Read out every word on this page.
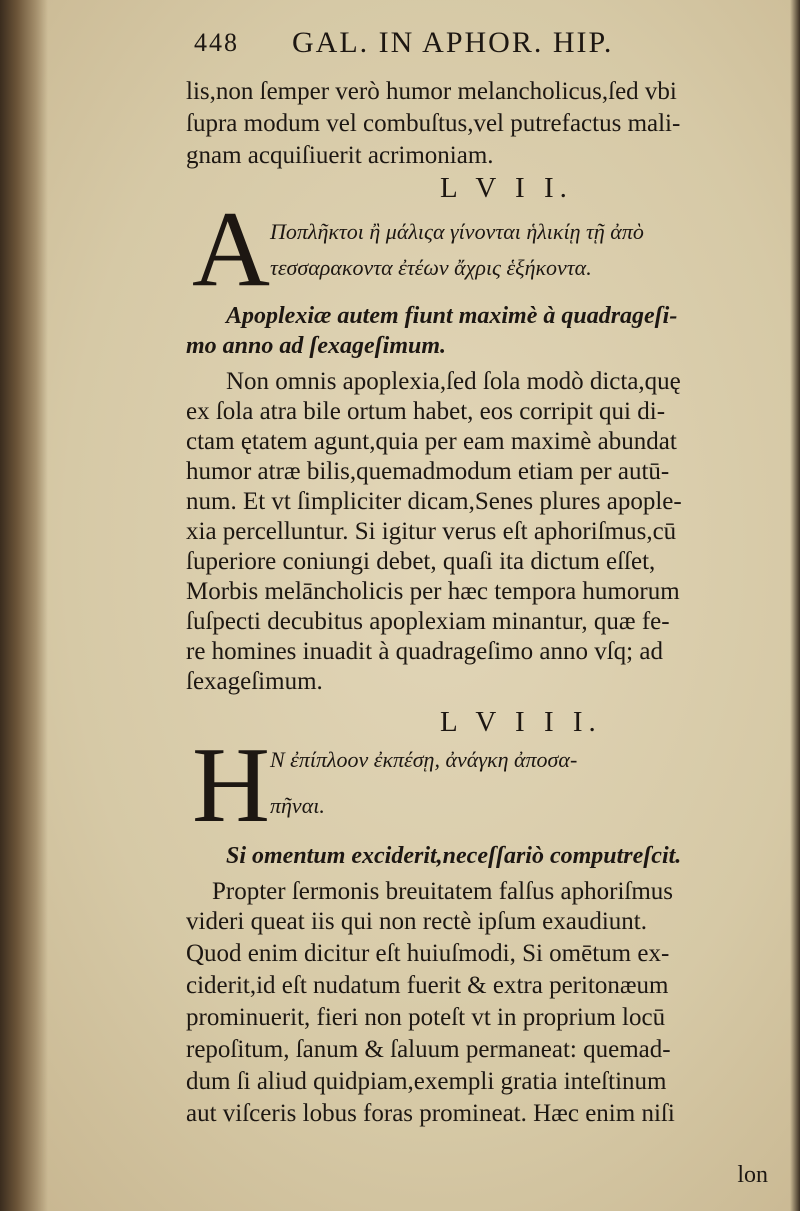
448 GAL. IN APHOR. HIP.
lis,non ſemper verò humor melancholicus,ſed vbi
ſupra modum vel combuſtus,vel putrefactus mali-
gnam acquiſiuerit acrimoniam.
L V I I.
A Ποπλῆκτοι ἢ μάλιςα γίνονται ἡλικίῃ τῇ ἀπὸ
τεσσαρακοντα ἐτέων ἄχρις ἑξήκοντα.
Apoplexiæ autem fiunt maximè à quadrageſi-
mo anno ad ſexageſimum.
Non omnis apoplexia,ſed ſola modò dicta,quę
ex ſola atra bile ortum habet, eos corripit qui di-
ctam ętatem agunt,quia per eam maximè abundat
humor atræ bilis,quemadmodum etiam per autū-
num. Et vt ſimpliciter dicam,Senes plures apople-
xia percelluntur. Si igitur verus eſt aphoriſmus,cū
ſuperiore coniungi debet, quaſi ita dictum eſſet,
Morbis melāncholicis per hæc tempora humorum
ſuſpecti decubitus apoplexiam minantur, quæ fe-
re homines inuadit à quadrageſimo anno vſq; ad
ſexageſimum.
L V I I I.
H Ν ἐπίπλοον ἐκπέσῃ, ἀνάγκη ἀποσα-
πῆναι.
Si omentum exciderit,neceſſariò computreſcit.
Propter ſermonis breuitatem falſus aphoriſmus
videri queat iis qui non rectè ipſum exaudiunt.
Quod enim dicitur eſt huiuſmodi, Si omētum ex-
ciderit,id eſt nudatum fuerit & extra peritonæum
prominuerit, fieri non poteſt vt in proprium locū
repoſitum, ſanum & ſaluum permaneat: quemad-
dum ſi aliud quidpiam,exempli gratia inteſtinum
aut viſceris lobus foras promineat. Hæc enim niſi
lon
